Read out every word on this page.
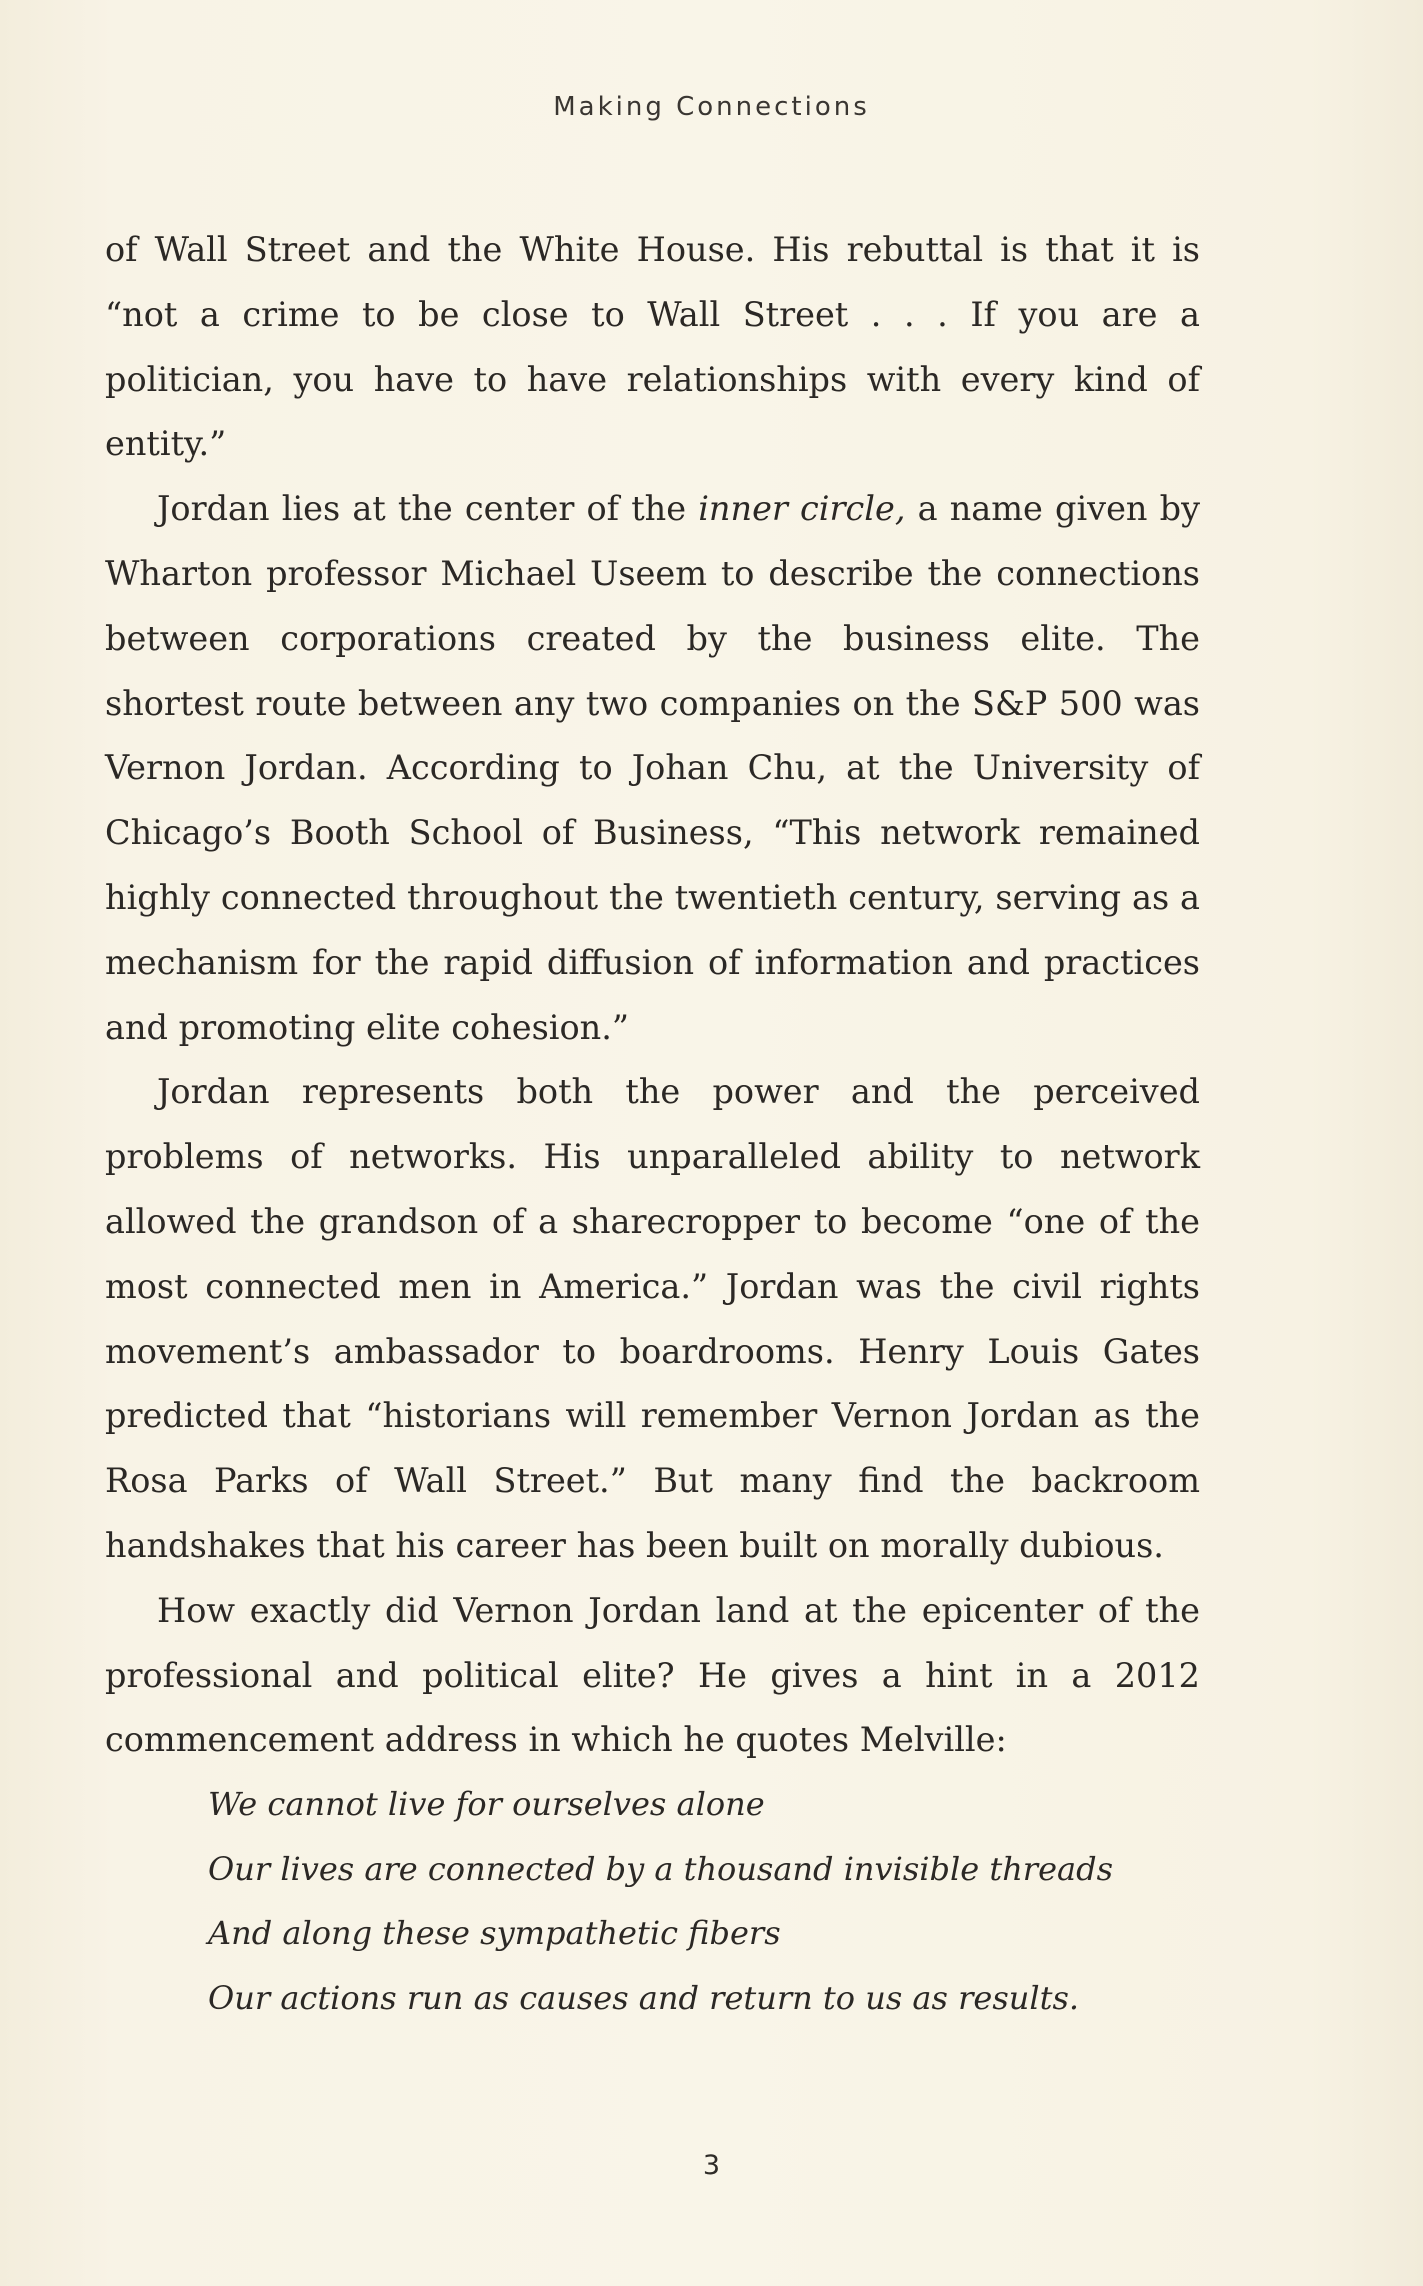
Making Connections

of Wall Street and the White House. His rebuttal is that it is “not a crime to be close to Wall Street . . . If you are a politician, you have to have relationships with every kind of entity.”

Jordan lies at the center of the inner circle, a name given by Wharton professor Michael Useem to describe the connections between corporations created by the business elite. The shortest route between any two companies on the S&P 500 was Vernon Jordan. According to Johan Chu, at the University of Chicago’s Booth School of Business, “This network remained highly connected throughout the twentieth century, serving as a mechanism for the rapid diffusion of information and practices and promoting elite cohesion.”

Jordan represents both the power and the perceived problems of networks. His unparalleled ability to network allowed the grandson of a sharecropper to become “one of the most connected men in America.” Jordan was the civil rights movement’s ambassador to boardrooms. Henry Louis Gates predicted that “historians will remember Vernon Jordan as the Rosa Parks of Wall Street.” But many find the backroom handshakes that his career has been built on morally dubious.

How exactly did Vernon Jordan land at the epicenter of the professional and political elite? He gives a hint in a 2012 commencement address in which he quotes Melville:

We cannot live for ourselves alone
Our lives are connected by a thousand invisible threads
And along these sympathetic fibers
Our actions run as causes and return to us as results.
3
